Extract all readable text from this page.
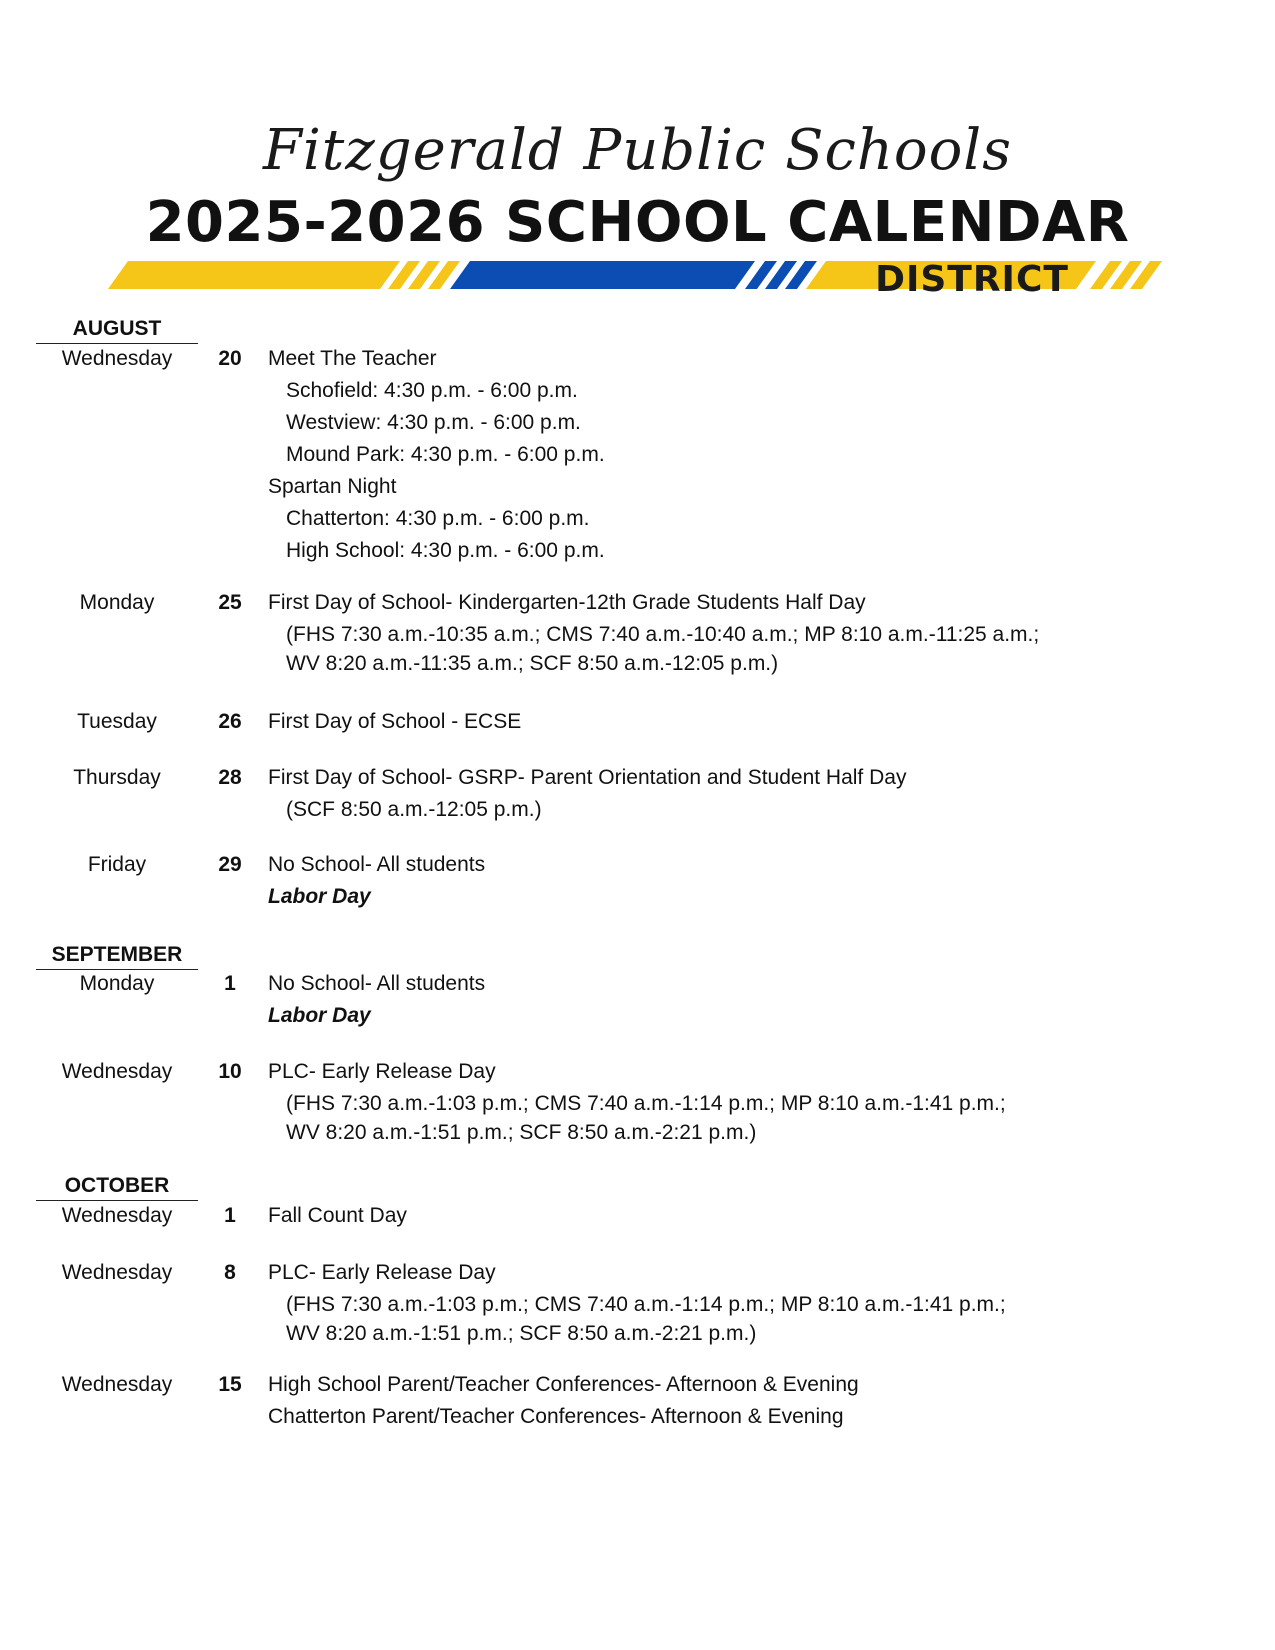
Fitzgerald Public Schools
2025-2026 SCHOOL CALENDAR
DISTRICT
AUGUST
Wednesday	20	Meet The Teacher
Schofield: 4:30 p.m. - 6:00 p.m.
Westview: 4:30 p.m. - 6:00 p.m.
Mound Park: 4:30 p.m. - 6:00 p.m.
Spartan Night
Chatterton: 4:30 p.m. - 6:00 p.m.
High School: 4:30 p.m. - 6:00 p.m.
Monday	25	First Day of School- Kindergarten-12th Grade Students Half Day
(FHS 7:30 a.m.-10:35 a.m.; CMS 7:40 a.m.-10:40 a.m.; MP 8:10 a.m.-11:25 a.m.;
WV 8:20 a.m.-11:35 a.m.; SCF 8:50 a.m.-12:05 p.m.)
Tuesday	26	First Day of School - ECSE
Thursday	28	First Day of School- GSRP- Parent Orientation and Student Half Day
(SCF 8:50 a.m.-12:05 p.m.)
Friday	29	No School- All students
Labor Day
SEPTEMBER
Monday	1	No School- All students
Labor Day
Wednesday	10	PLC- Early Release Day
(FHS 7:30 a.m.-1:03 p.m.; CMS 7:40 a.m.-1:14 p.m.; MP 8:10 a.m.-1:41 p.m.;
WV 8:20 a.m.-1:51 p.m.; SCF 8:50 a.m.-2:21 p.m.)
OCTOBER
Wednesday	1	Fall Count Day
Wednesday	8	PLC- Early Release Day
(FHS 7:30 a.m.-1:03 p.m.; CMS 7:40 a.m.-1:14 p.m.; MP 8:10 a.m.-1:41 p.m.;
WV 8:20 a.m.-1:51 p.m.; SCF 8:50 a.m.-2:21 p.m.)
Wednesday	15	High School Parent/Teacher Conferences- Afternoon & Evening
Chatterton Parent/Teacher Conferences- Afternoon & Evening
